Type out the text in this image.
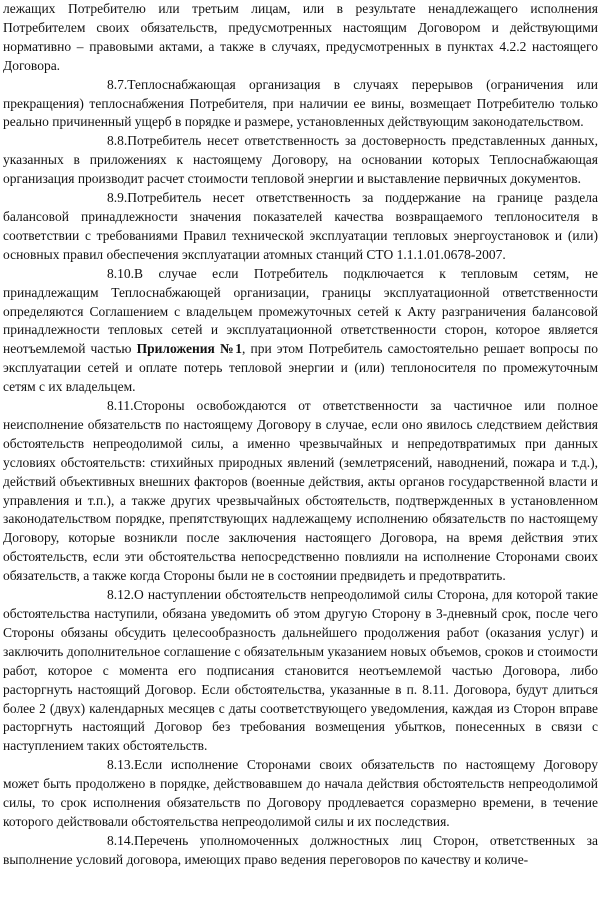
лежащих Потребителю или третьим лицам, или в результате ненадлежащего исполнения Потребителем своих обязательств, предусмотренных настоящим Договором и действующими нормативно – правовыми актами, а также в случаях, предусмотренных в пунктах 4.2.2 настоящего Договора.

8.7.Теплоснабжающая организация в случаях перерывов (ограничения или прекращения) теплоснабжения Потребителя, при наличии ее вины, возмещает Потребителю только реально причиненный ущерб в порядке и размере, установленных действующим законодательством.

8.8.Потребитель несет ответственность за достоверность представленных данных, указанных в приложениях к настоящему Договору, на основании которых Теплоснабжающая организация производит расчет стоимости тепловой энергии и выставление первичных документов.

8.9.Потребитель несет ответственность за поддержание на границе раздела балансовой принадлежности значения показателей качества возвращаемого теплоносителя в соответствии с требованиями Правил технической эксплуатации тепловых энергоустановок и (или) основных правил обеспечения эксплуатации атомных станций СТО 1.1.1.01.0678-2007.

8.10.В случае если Потребитель подключается к тепловым сетям, не принадлежащим Теплоснабжающей организации, границы эксплуатационной ответственности определяются Соглашением с владельцем промежуточных сетей к Акту разграничения балансовой принадлежности тепловых сетей и эксплуатационной ответственности сторон, которое является неотъемлемой частью Приложения №1, при этом Потребитель самостоятельно решает вопросы по эксплуатации сетей и оплате потерь тепловой энергии и (или) теплоносителя по промежуточным сетям с их владельцем.

8.11.Стороны освобождаются от ответственности за частичное или полное неисполнение обязательств по настоящему Договору в случае, если оно явилось следствием действия обстоятельств непреодолимой силы, а именно чрезвычайных и непредотвратимых при данных условиях обстоятельств: стихийных природных явлений (землетрясений, наводнений, пожара и т.д.), действий объективных внешних факторов (военные действия, акты органов государственной власти и управления и т.п.), а также других чрезвычайных обстоятельств, подтвержденных в установленном законодательством порядке, препятствующих надлежащему исполнению обязательств по настоящему Договору, которые возникли после заключения настоящего Договора, на время действия этих обстоятельств, если эти обстоятельства непосредственно повлияли на исполнение Сторонами своих обязательств, а также когда Стороны были не в состоянии предвидеть и предотвратить.

8.12.О наступлении обстоятельств непреодолимой силы Сторона, для которой такие обстоятельства наступили, обязана уведомить об этом другую Сторону в 3-дневный срок, после чего Стороны обязаны обсудить целесообразность дальнейшего продолжения работ (оказания услуг) и заключить дополнительное соглашение с обязательным указанием новых объемов, сроков и стоимости работ, которое с момента его подписания становится неотъемлемой частью Договора, либо расторгнуть настоящий Договор. Если обстоятельства, указанные в п. 8.11. Договора, будут длиться более 2 (двух) календарных месяцев с даты соответствующего уведомления, каждая из Сторон вправе расторгнуть настоящий Договор без требования возмещения убытков, понесенных в связи с наступлением таких обстоятельств.

8.13.Если исполнение Сторонами своих обязательств по настоящему Договору может быть продолжено в порядке, действовавшем до начала действия обстоятельств непреодолимой силы, то срок исполнения обязательств по Договору продлевается соразмерно времени, в течение которого действовали обстоятельства непреодолимой силы и их последствия.

8.14.Перечень уполномоченных должностных лиц Сторон, ответственных за выполнение условий договора, имеющих право ведения переговоров по качеству и количе-
